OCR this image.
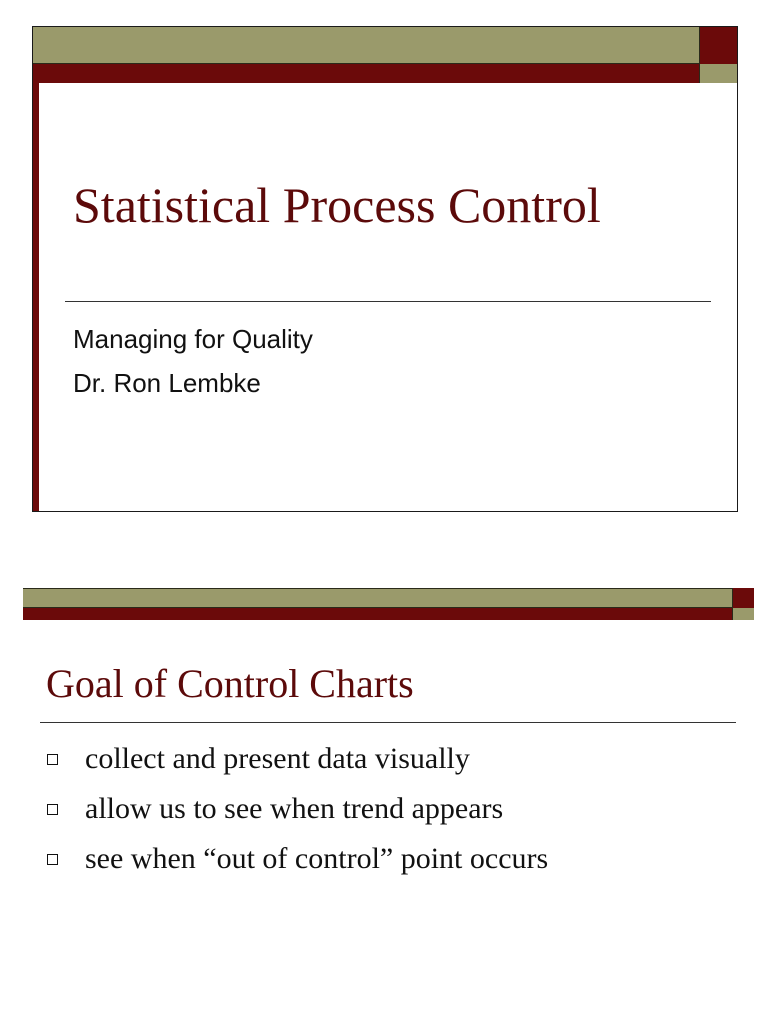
Statistical Process Control

Managing for Quality

Dr. Ron Lembke

Goal of Control Charts
collect and present data visually
allow us to see when trend appears
see when “out of control” point occurs
